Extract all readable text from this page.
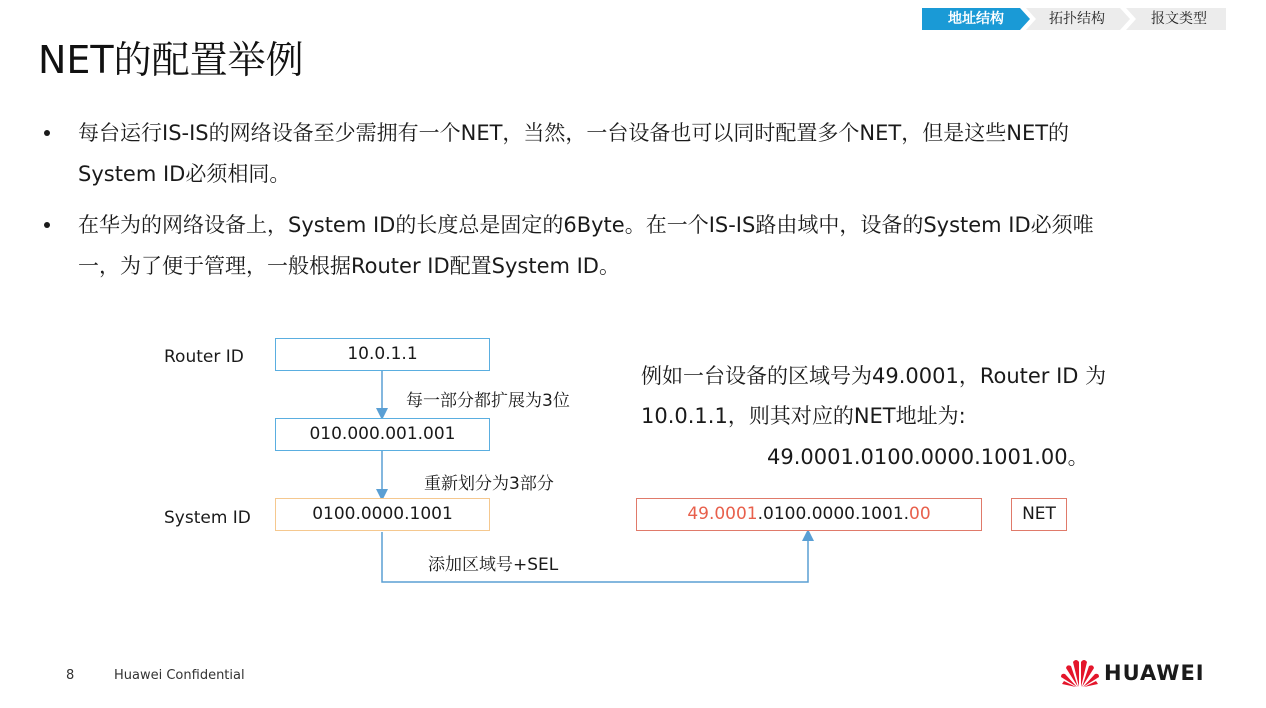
地址结构	拓扑结构	报文类型
NET的配置举例
每台运行IS-IS的网络设备至少需拥有一个NET，当然，一台设备也可以同时配置多个NET，但是这些NET的
System ID必须相同。
在华为的网络设备上，System ID的长度总是固定的6Byte。在一个IS-IS路由域中，设备的System ID必须唯
一，为了便于管理，一般根据Router ID配置System ID。
Router ID	10.0.1.1
每一部分都扩展为3位
010.000.001.001
重新划分为3部分
System ID	0100.0000.1001
添加区域号+SEL
49.0001.0100.0000.1001.00	NET
例如一台设备的区域号为49.0001，Router ID 为
10.0.1.1，则其对应的NET地址为:
49.0001.0100.0000.1001.00。
8	Huawei Confidential	HUAWEI
